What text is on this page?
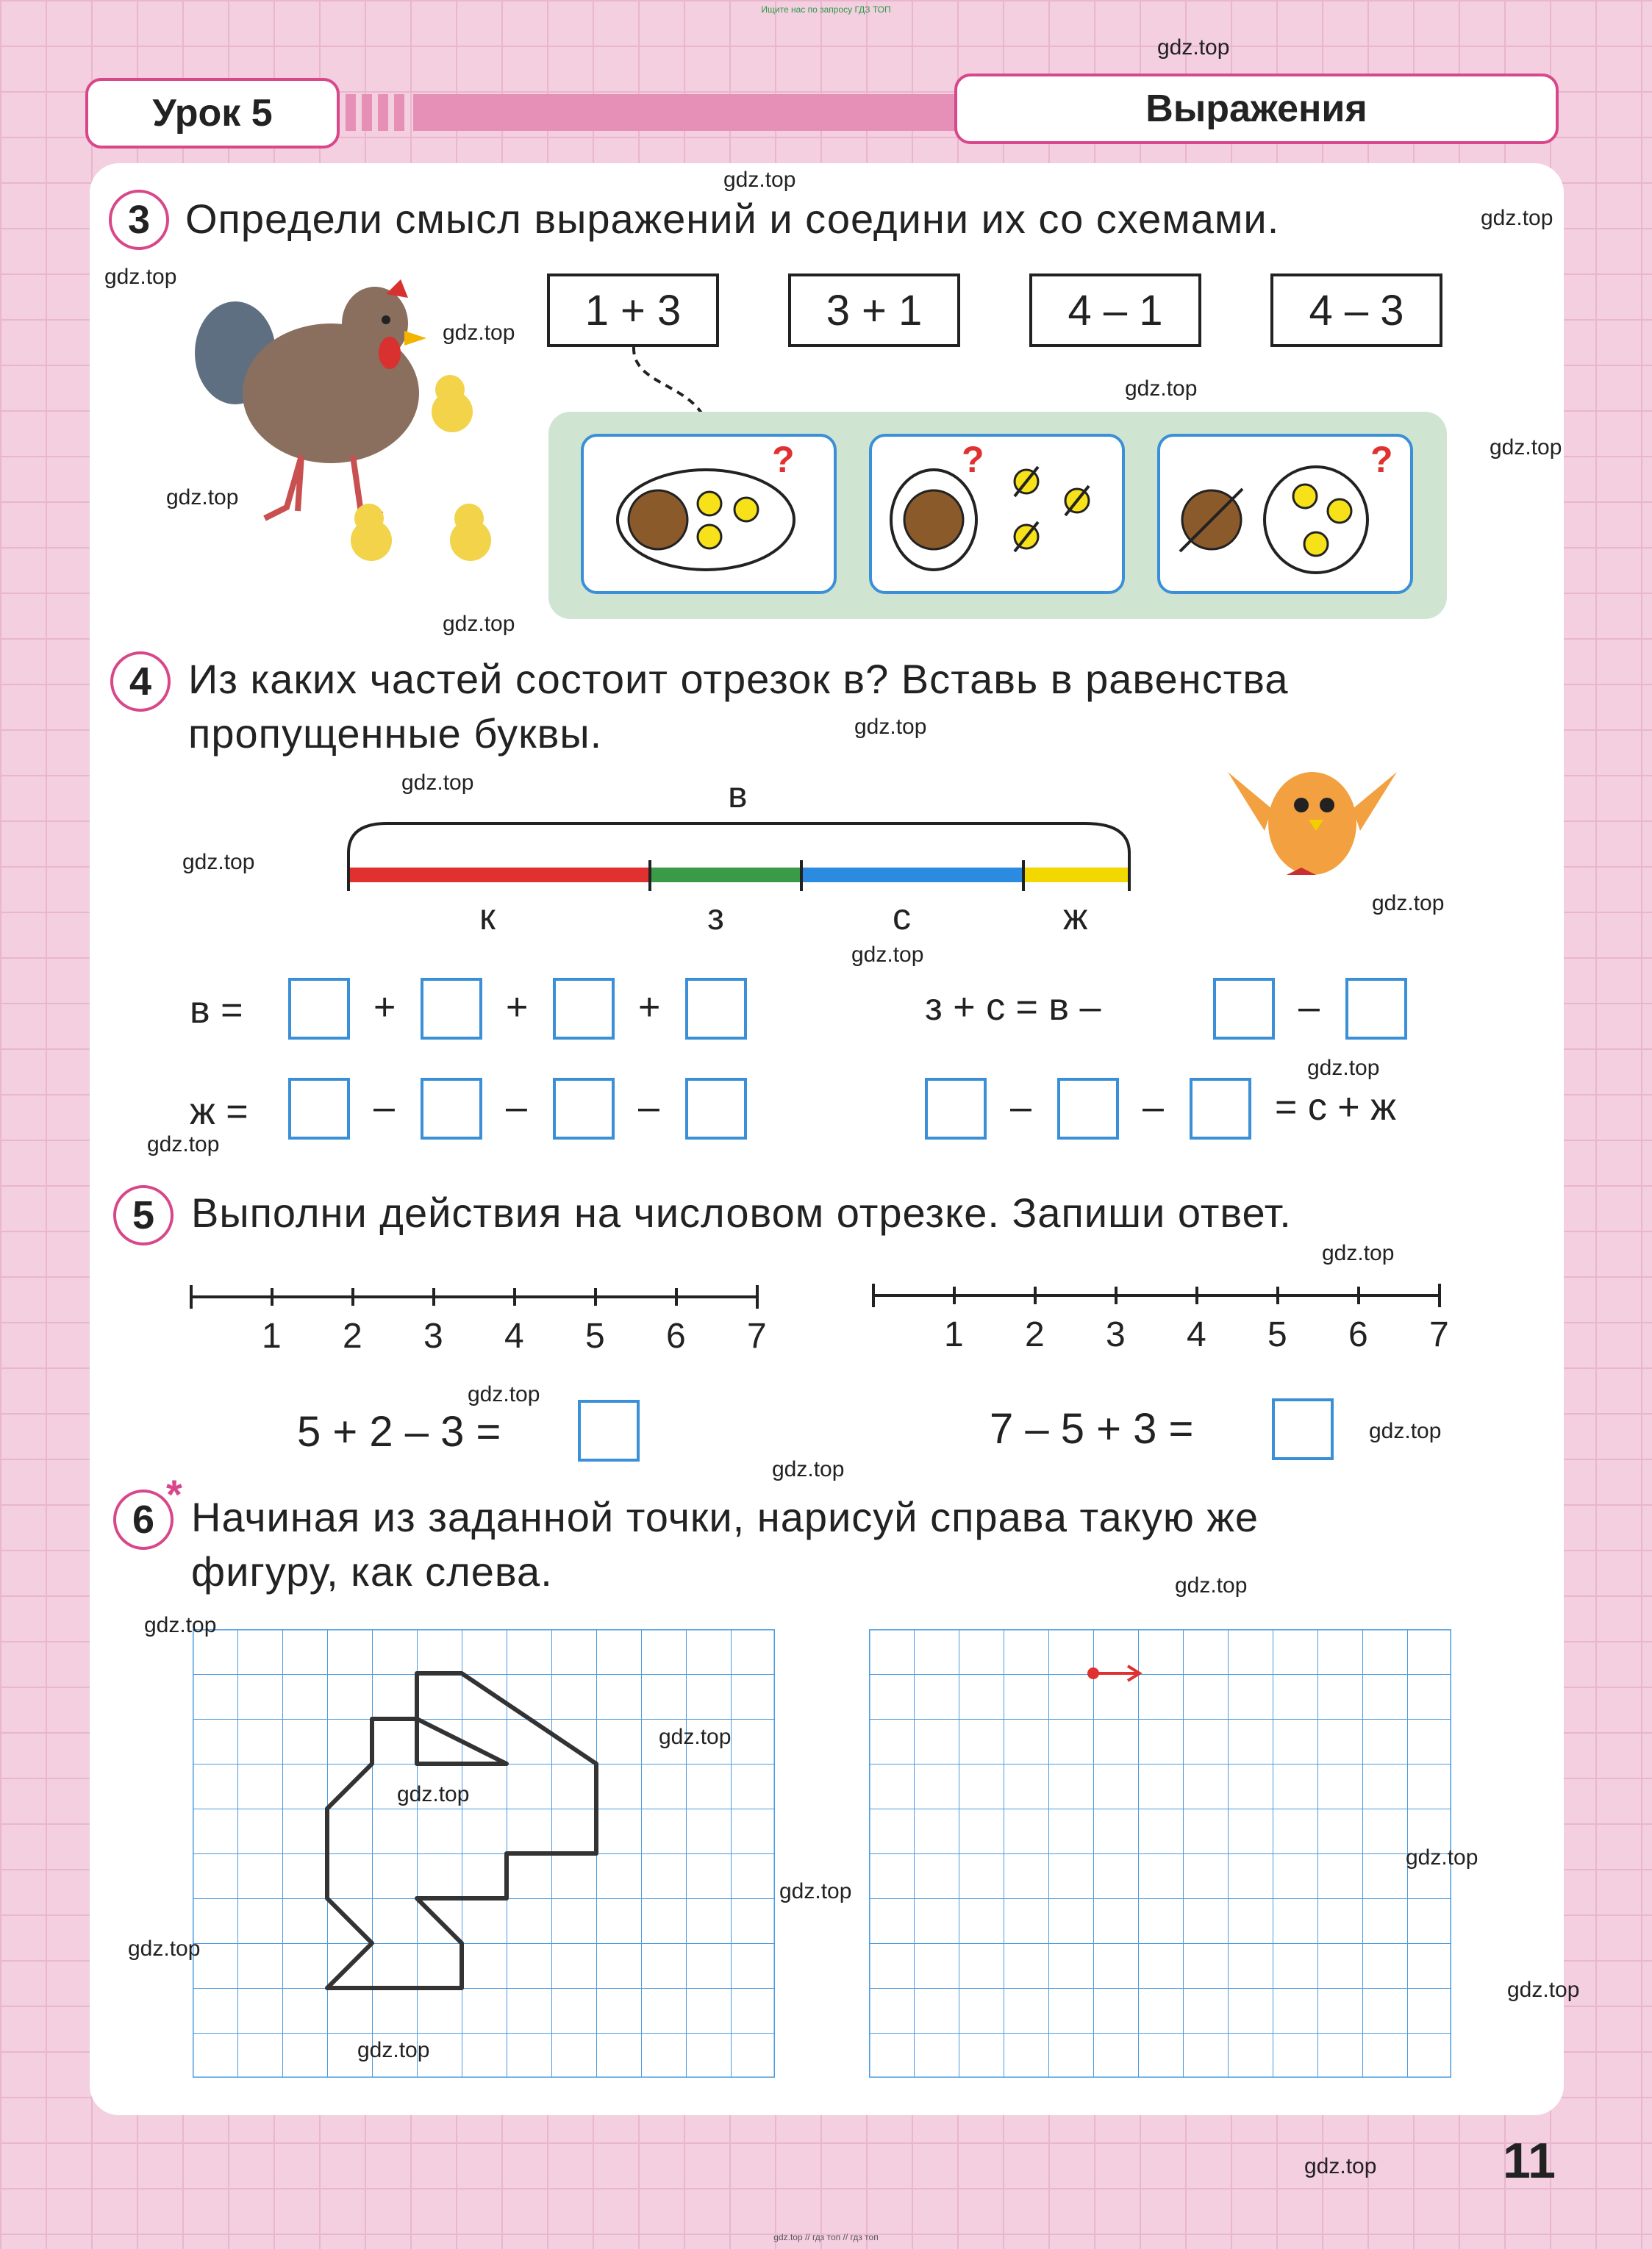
Ищите нас по запросу ГДЗ ТОП
Урок 5	Выражения
3 Определи смысл выражений и соедини их со схемами.
1 + 3	3 + 1	4 – 1	4 – 3
?	?	?
4 Из каких частей состоит отрезок в? Вставь в равенства
пропущенные буквы.
в
к	з	с	ж
в =	+	+	+	з + с = в –	–
ж =	–	–	–	–	–	= с + ж
5 Выполни действия на числовом отрезке. Запиши ответ.
1 2 3 4 5 6 7	1 2 3 4 5 6 7
5 + 2 – 3 =	7 – 5 + 3 =
6
* Начиная из заданной точки, нарисуй справа такую же
фигуру, как слева.
gdz.top
gdz.top
gdz.top
gdz.top
gdz.top
gdz.top
gdz.top
gdz.top
gdz.top
gdz.top
gdz.top
gdz.top
gdz.top
gdz.top
gdz.top
gdz.top
gdz.top
gdz.top
gdz.top
gdz.top
gdz.top
gdz.top
gdz.top
gdz.top
gdz.top
gdz.top
gdz.top
gdz.top
gdz.top
gdz.top	11
gdz.top // гдз топ // гдз топ
